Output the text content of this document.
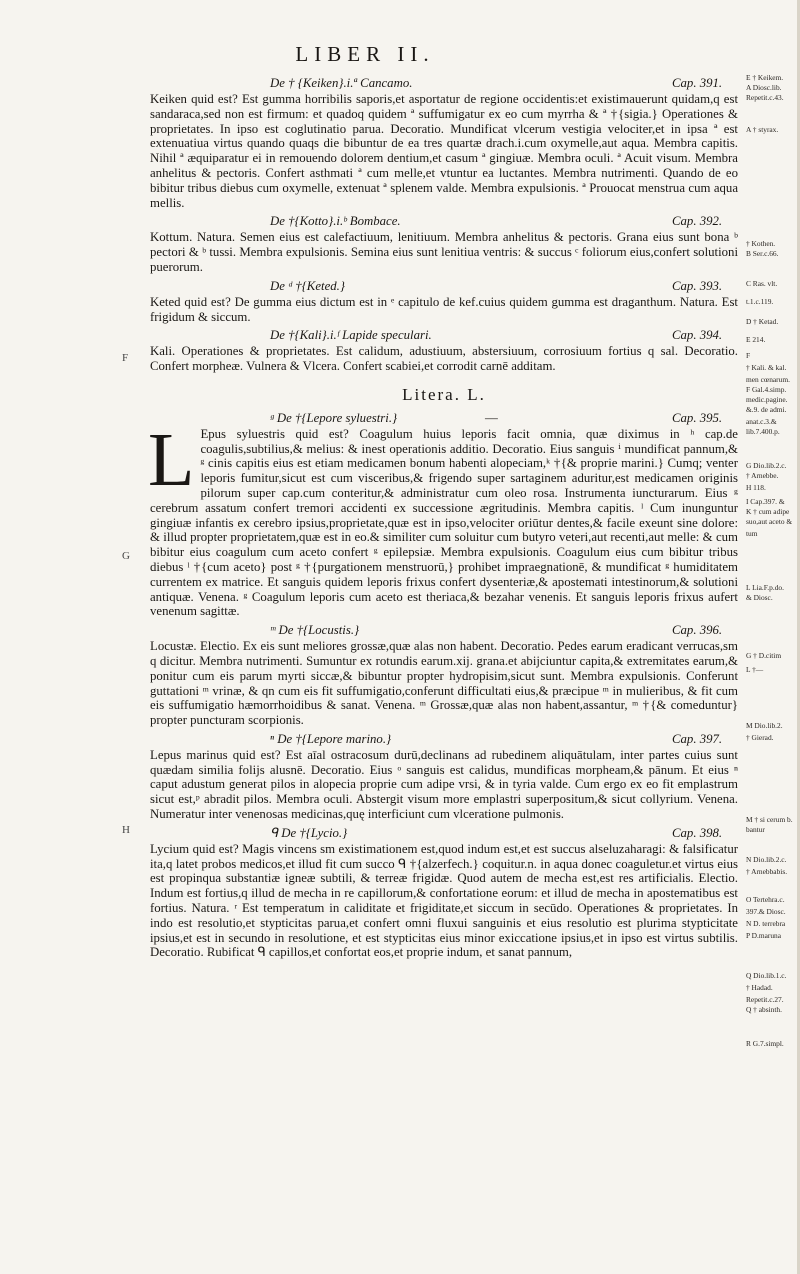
LIBER II.
De † {Keiken}.i.ª Cancamo.	Cap. 391.

Keiken quid est? Est gumma horribilis saporis,et asportatur de regione occidentis:et existimauerunt quidam,q est sandaraca,sed non est firmum: et quadoq quidem ª suffumigatur ex eo cum myrrha & ª †{sigia.} Operationes & proprietates. In ipso est coglutinatio parua. Decoratio. Mundificat vlcerum vestigia velociter,et in ipsa ª est extenuatiua virtus quando quaqs die bibuntur de ea tres quartæ drach.i.cum oxymelle,aut aqua. Membra capitis. Nihil ª æquiparatur ei in remouendo dolorem dentium,et casum ª gingiuæ. Membra oculi. ª Acuit visum. Membra anhelitus & pectoris. Confert asthmati ª cum melle,et vtuntur ea luctantes. Membra nutrimenti. Quando de eo bibitur tribus diebus cum oxymelle, extenuat ª splenem valde. Membra expulsionis. ª Prouocat menstrua cum aqua mellis.

De †{Kotto}.i.ᵇ Bombace.	Cap. 392.

Kottum. Natura. Semen eius est calefactiuum, lenitiuum. Membra anhelitus & pectoris. Grana eius sunt bona ᵇ pectori & ᵇ tussi. Membra expulsionis. Semina eius sunt lenitiua ventris: & succus ᶜ foliorum eius,confert solutioni puerorum.

De ᵈ †{Keted.}	Cap. 393.

Keted quid est? De gumma eius dictum est in ᵉ capitulo de kef.cuius quidem gumma est draganthum. Natura. Est frigidum & siccum.

De †{Kali}.i.ᶠ Lapide speculari.	Cap. 394.

Kali. Operationes & proprietates. Est calidum, adustiuum, abstersiuum, corrosiuum fortius q sal. Decoratio. Confert morpheæ. Vulnera & Vlcera. Confert scabiei,et corrodit carnē additam.

Litera. L.
ᵍ De †{Lepore syluestri.}	—	Cap. 395.

L Epus syluestris quid est? Coagulum huius leporis facit omnia, quæ diximus in ʰ cap.de coagulis,subtilius,& melius: & inest operationis additio. Decoratio. Eius sanguis ⁱ mundificat pannum,& ᵍ cinis capitis eius est etiam medicamen bonum habenti alopeciam,ᵏ †{& proprie marini.} Cumq; venter leporis fumitur,sicut est cum visceribus,& frigendo super sartaginem aduritur,est medicamen originis pilorum super cap.cum conteritur,& administratur cum oleo rosa. Instrumenta iuncturarum. Eius ᵍ cerebrum assatum confert tremori accidenti ex successione ægritudinis. Membra capitis. ˡ Cum inunguntur gingiuæ infantis ex cerebro ipsius,proprietate,quæ est in ipso,velociter oriūtur dentes,& facile exeunt sine dolore: & illud propter proprietatem,quæ est in eo.& similiter cum soluitur cum butyro veteri,aut recenti,aut melle: & cum bibitur eius coagulum cum aceto confert ᵍ epilepsiæ. Membra expulsionis. Coagulum eius cum bibitur tribus diebus ˡ †{cum aceto} post ᵍ †{purgationem menstruorū,} prohibet impraegnationē, & mundificat ᵍ humiditatem currentem ex matrice. Et sanguis quidem leporis frixus confert dysenteriæ,& apostemati intestinorum,& solutioni antiquæ. Venena. ᵍ Coagulum leporis cum aceto est theriaca,& bezahar venenis. Et sanguis leporis frixus aufert venenum sagittæ.

ᵐ De †{Locustis.}	Cap. 396.

Locustæ. Electio. Ex eis sunt meliores grossæ,quæ alas non habent. Decoratio. Pedes earum eradicant verrucas,sm q dicitur. Membra nutrimenti. Sumuntur ex rotundis earum.xij. grana.et abijciuntur capita,& extremitates earum,& ponitur cum eis parum myrti siccæ,& bibuntur propter hydropisim,sicut sunt. Membra expulsionis. Conferunt guttationi ᵐ vrinæ, & qn cum eis fit suffumigatio,conferunt difficultati eius,& præcipue ᵐ in mulieribus, & fit cum eis suffumigatio hæmorrhoidibus & sanat. Venena. ᵐ Grossæ,quæ alas non habent,assantur, ᵐ †{& comeduntur} propter puncturam scorpionis.

ⁿ De †{Lepore marino.}	Cap. 397.

Lepus marinus quid est? Est aīal ostracosum durū,declinans ad rubedinem aliquātulam, inter partes cuius sunt quædam similia folijs alusnē. Decoratio. Eius ᵒ sanguis est calidus, mundificas morpheam,& pānum. Et eius ⁿ caput adustum generat pilos in alopecia proprie cum adipe vrsi, & in tyria valde. Cum ergo ex eo fit emplastrum sicut est,ᵖ abradit pilos. Membra oculi. Abstergit visum more emplastri superpositum,& sicut collyrium. Venena. Numeratur inter venenosas medicinas,quę interficiunt cum vlceratione pulmonis.

ᑫ De †{Lycio.}	Cap. 398.

Lycium quid est? Magis vincens sm existimationem est,quod indum est,et est succus alseluzaharagi: & falsificatur ita,q latet probos medicos,et illud fit cum succo ᑫ †{alzerfech.} coquitur.n. in aqua donec coaguletur.et virtus eius est propinqua substantiæ igneæ subtili, & terreæ frigidæ. Quod autem de mecha est,est res artificialis. Electio. Indum est fortius,q illud de mecha in re capillorum,& confortatione eorum: et illud de mecha in apostematibus est fortius. Natura. ʳ Est temperatum in caliditate et frigiditate,et siccum in secūdo. Operationes & proprietates. In indo est resolutio,et stypticitas parua,et confert omni fluxui sanguinis et eius resolutio est plurima stypticitate ipsius,et est in secundo in resolutione, et est stypticitas eius minor exiccatione ipsius,et in ipso est virtus subtilis. Decoratio. Rubificat ᑫ capillos,et confortat eos,et proprie indum, et sanat pannum,

E † Keikem.
A Diosc.lib.
Repetit.c.43.
A † styrax.
† Kothen.
B Ser.c.66.
C Ras. vlt.
t.1.c.119.
D † Ketad.
E 214.
F
† Kali. & kal.
men cœnarum.
F Gal.4.simp.
medic.pagine.
&.9. de admi.
anat.c.3.&
lib.7.400.p.
G Dio.lib.2.c.
† Arnebbe.
H 118.
I Cap.397. &
K † cum adipe
suo,aut aceto &
tum
L Lia.F.p.do.
& Diosc.
G † D.citim
L †—
M Dio.lib.2.
† Gierad.
M † si cerum b.
bantur
N Dio.lib.2.c.
† Arnebbabis.
O Tertehra.c.
397.& Diosc.
N D. terrebra
P D.maruna
Q Dio.lib.1.c.
† Hadad.
Repetit.c.27.
Q † absinth.
R G.7.simpl.
F
G
H
